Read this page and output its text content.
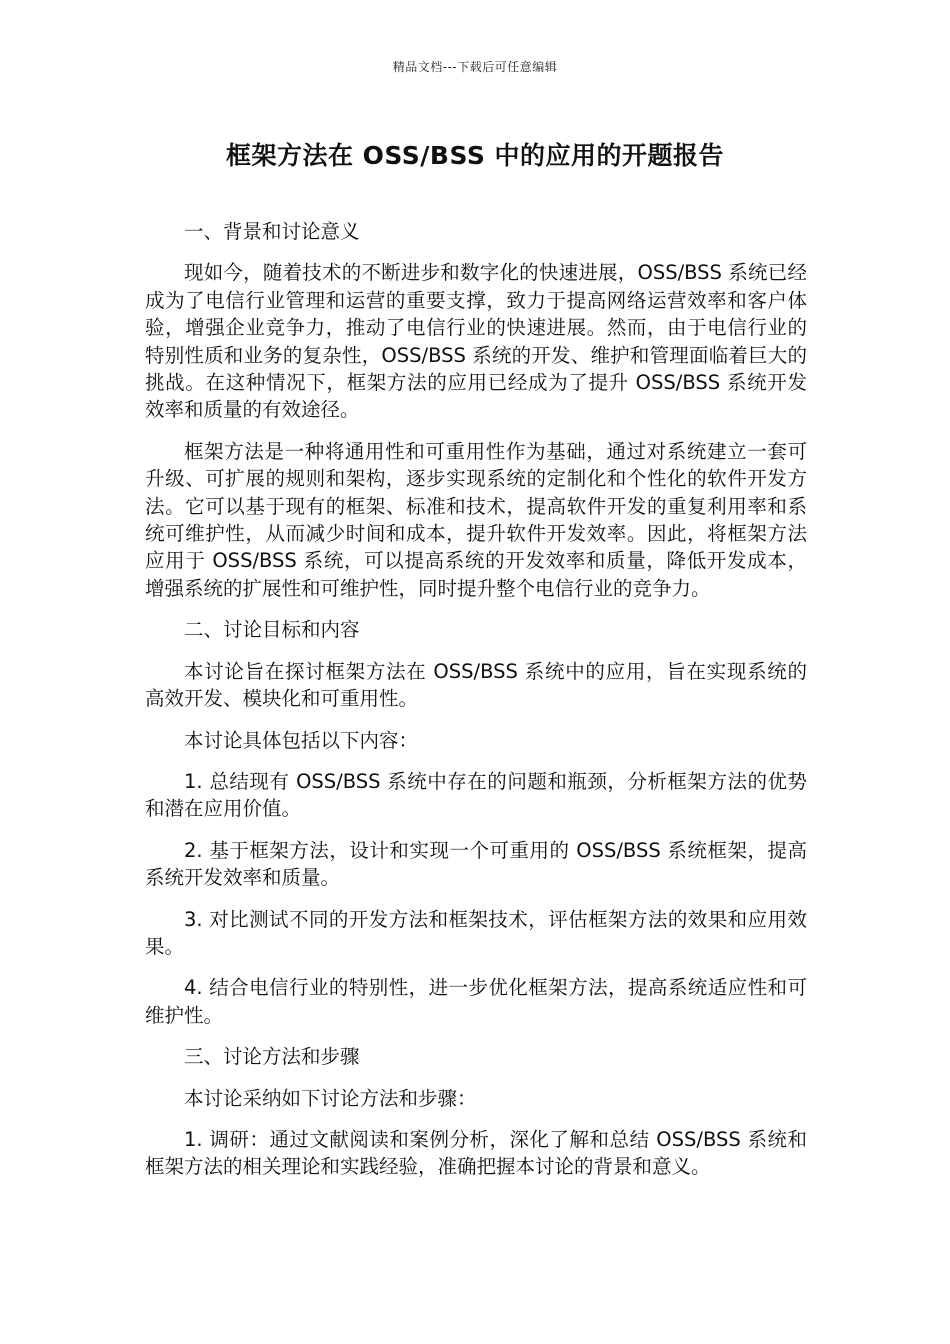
精品文档---下载后可任意编辑
框架方法在 OSS/BSS 中的应用的开题报告

一、背景和讨论意义

现如今，随着技术的不断进步和数字化的快速进展，OSS/BSS 系统已经成为了电信行业管理和运营的重要支撑，致力于提高网络运营效率和客户体验，增强企业竞争力，推动了电信行业的快速进展。然而，由于电信行业的特别性质和业务的复杂性，OSS/BSS 系统的开发、维护和管理面临着巨大的挑战。在这种情况下，框架方法的应用已经成为了提升 OSS/BSS 系统开发效率和质量的有效途径。

框架方法是一种将通用性和可重用性作为基础，通过对系统建立一套可升级、可扩展的规则和架构，逐步实现系统的定制化和个性化的软件开发方法。它可以基于现有的框架、标准和技术，提高软件开发的重复利用率和系统可维护性，从而减少时间和成本，提升软件开发效率。因此，将框架方法应用于 OSS/BSS 系统，可以提高系统的开发效率和质量，降低开发成本，增强系统的扩展性和可维护性，同时提升整个电信行业的竞争力。

二、讨论目标和内容

本讨论旨在探讨框架方法在 OSS/BSS 系统中的应用，旨在实现系统的高效开发、模块化和可重用性。

本讨论具体包括以下内容：

1. 总结现有 OSS/BSS 系统中存在的问题和瓶颈，分析框架方法的优势和潜在应用价值。

2. 基于框架方法，设计和实现一个可重用的 OSS/BSS 系统框架，提高系统开发效率和质量。

3. 对比测试不同的开发方法和框架技术，评估框架方法的效果和应用效果。

4. 结合电信行业的特别性，进一步优化框架方法，提高系统适应性和可维护性。

三、讨论方法和步骤

本讨论采纳如下讨论方法和步骤：

1. 调研：通过文献阅读和案例分析，深化了解和总结 OSS/BSS 系统和框架方法的相关理论和实践经验，准确把握本讨论的背景和意义。
